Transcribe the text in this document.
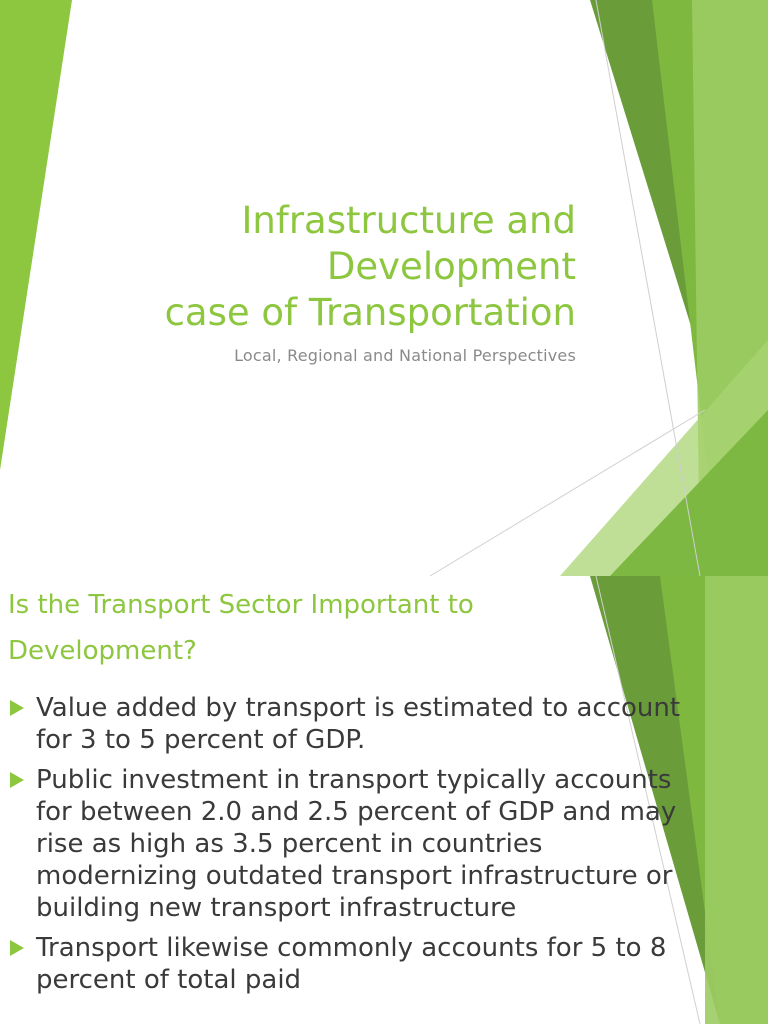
Infrastructure and
Development
case of Transportation
Local, Regional and National Perspectives
Is the Transport Sector Important to
Development?
Value added by transport is estimated to account for 3 to 5 percent of GDP.
Public investment in transport typically accounts for between 2.0 and 2.5 percent of GDP and may rise as high as 3.5 percent in countries modernizing outdated transport infrastructure or building new transport infrastructure
Transport likewise commonly accounts for 5 to 8 percent of total paid
